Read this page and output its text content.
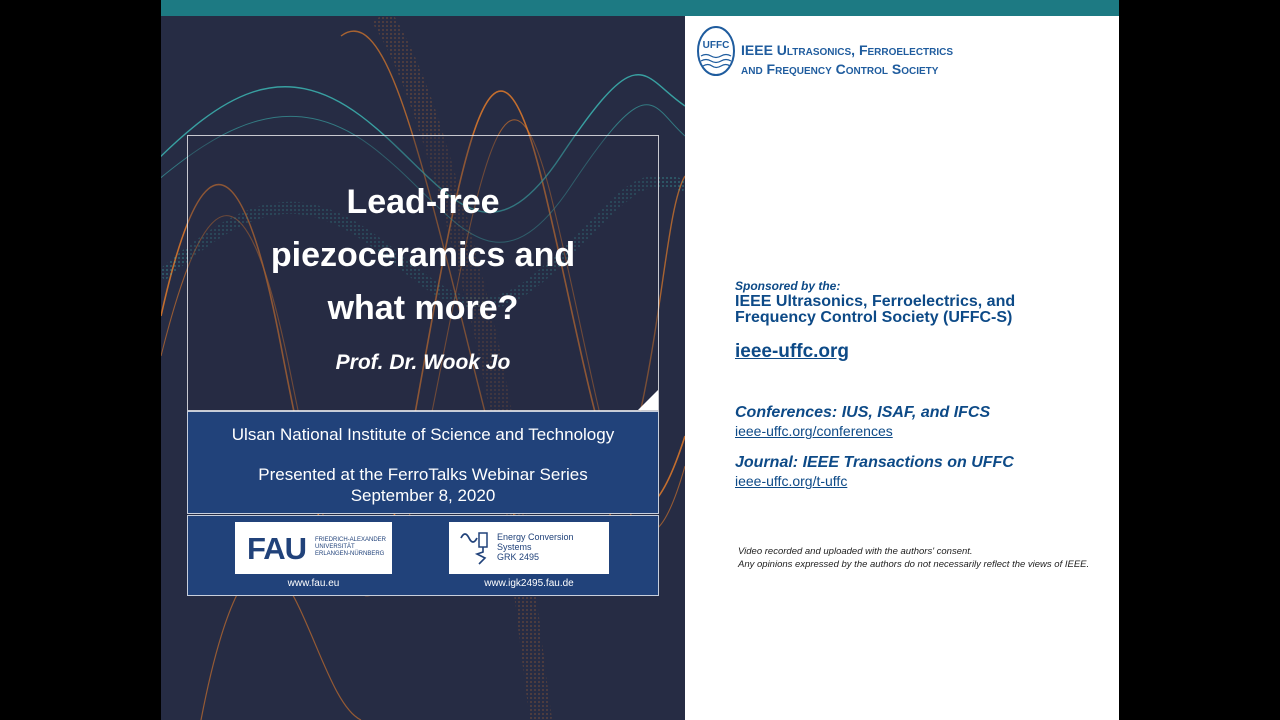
Lead-free
piezoceramics and
what more?
Prof. Dr. Wook Jo
Ulsan National Institute of Science and Technology
Presented at the FerroTalks Webinar Series
September 8, 2020
FAU FRIEDRICH-ALEXANDER
UNIVERSITÄT
ERLANGEN-NÜRNBERG
www.fau.eu
Energy Conversion
Systems
GRK 2495
www.igk2495.fau.de
UFFC IEEE Ultrasonics, Ferroelectrics
and Frequency Control Society
Sponsored by the:
IEEE Ultrasonics, Ferroelectrics, and Frequency Control Society (UFFC-S)
ieee-uffc.org
Conferences: IUS, ISAF, and IFCS
ieee-uffc.org/conferences
Journal: IEEE Transactions on UFFC
ieee-uffc.org/t-uffc
Video recorded and uploaded with the authors' consent.
Any opinions expressed by the authors do not necessarily reflect the views of IEEE.
